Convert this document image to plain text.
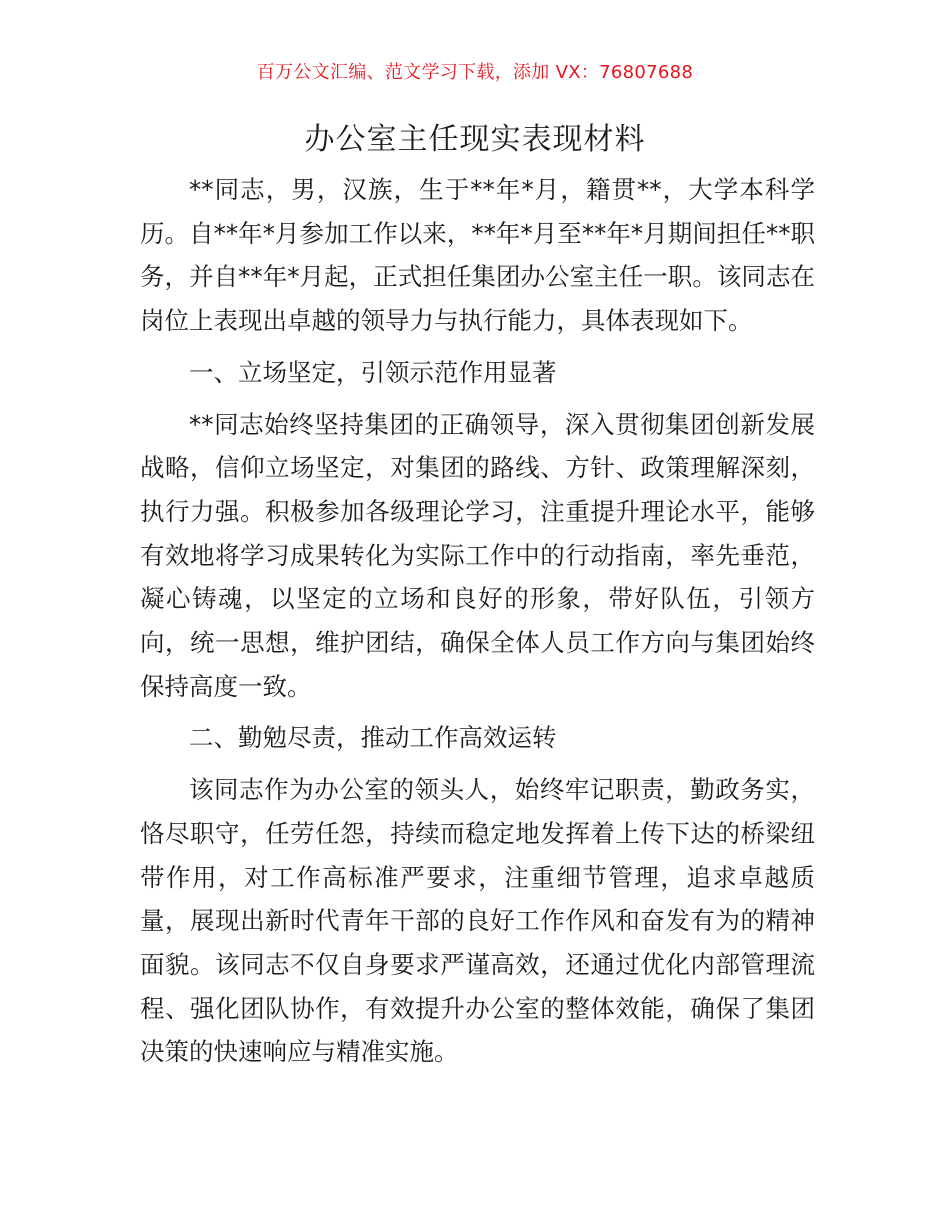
百万公文汇编、范文学习下载，添加 VX：76807688
办公室主任现实表现材料

**同志，男，汉族，生于**年*月，籍贯**，大学本科学历。自**年*月参加工作以来，**年*月至**年*月期间担任**职务，并自**年*月起，正式担任集团办公室主任一职。该同志在岗位上表现出卓越的领导力与执行能力，具体表现如下。

一、立场坚定，引领示范作用显著

**同志始终坚持集团的正确领导，深入贯彻集团创新发展战略，信仰立场坚定，对集团的路线、方针、政策理解深刻，执行力强。积极参加各级理论学习，注重提升理论水平，能够有效地将学习成果转化为实际工作中的行动指南，率先垂范，凝心铸魂，以坚定的立场和良好的形象，带好队伍，引领方向，统一思想，维护团结，确保全体人员工作方向与集团始终保持高度一致。

二、勤勉尽责，推动工作高效运转

该同志作为办公室的领头人，始终牢记职责，勤政务实，恪尽职守，任劳任怨，持续而稳定地发挥着上传下达的桥梁纽带作用，对工作高标准严要求，注重细节管理，追求卓越质量，展现出新时代青年干部的良好工作作风和奋发有为的精神面貌。该同志不仅自身要求严谨高效，还通过优化内部管理流程、强化团队协作，有效提升办公室的整体效能，确保了集团决策的快速响应与精准实施。
